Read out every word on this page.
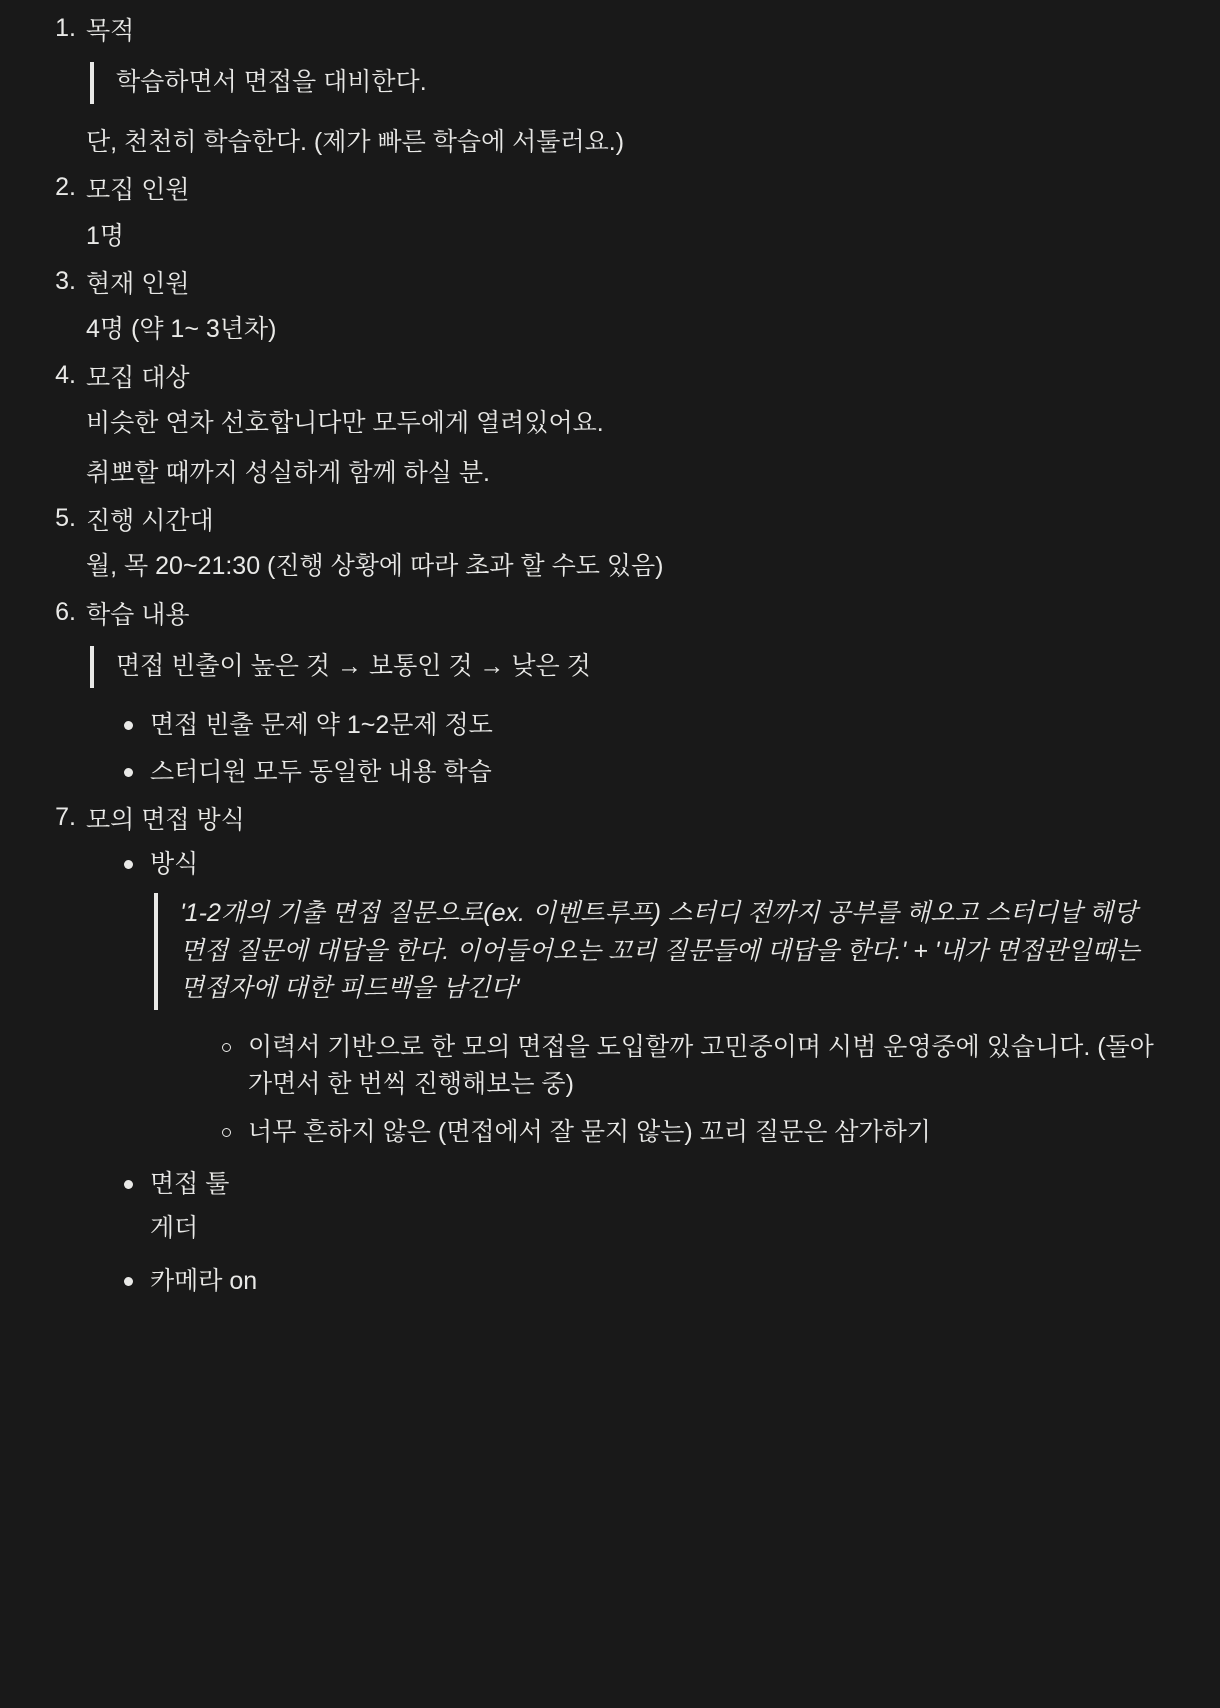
목적
학습하면서 면접을 대비한다.
단, 천천히 학습한다. (제가 빠른 학습에 서툴러요.)
모집 인원
1명
현재 인원
4명 (약 1~ 3년차)
모집 대상
비슷한 연차 선호합니다만 모두에게 열려있어요.
취뽀할 때까지 성실하게 함께 하실 분.
진행 시간대
월, 목 20~21:30 (진행 상황에 따라 초과 할 수도 있음)
학습 내용
면접 빈출이 높은 것 → 보통인 것 → 낮은 것
면접 빈출 문제 약 1~2문제 정도
스터디원 모두 동일한 내용 학습
모의 면접 방식
방식
'1-2개의 기출 면접 질문으로(ex. 이벤트루프) 스터디 전까지 공부를 해오고 스터디날 해당 면접 질문에 대답을 한다. 이어들어오는 꼬리 질문들에 대답을 한다.' + '내가 면접관일때는 면접자에 대한 피드백을 남긴다'
이력서 기반으로 한 모의 면접을 도입할까 고민중이며 시범 운영중에 있습니다. (돌아가면서 한 번씩 진행해보는 중)
너무 흔하지 않은 (면접에서 잘 묻지 않는) 꼬리 질문은 삼가하기
면접 툴
게더
카메라 on
